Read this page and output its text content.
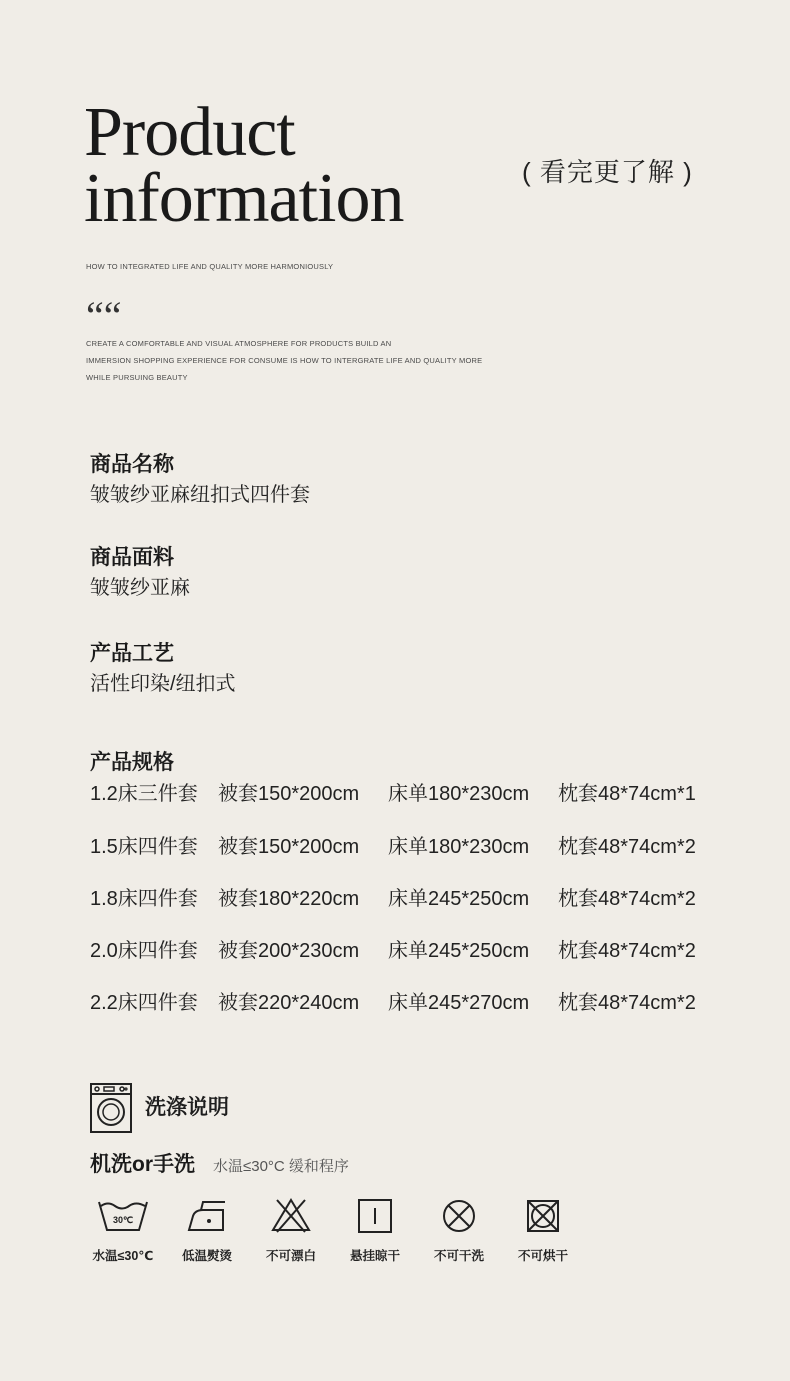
Product
information	( 看完更了解 )
HOW TO INTEGRATED LIFE AND QUALITY MORE HARMONIOUSLY
““
CREATE A COMFORTABLE AND VISUAL ATMOSPHERE FOR PRODUCTS BUILD AN
IMMERSION SHOPPING EXPERIENCE FOR CONSUME IS HOW TO INTERGRATE LIFE AND QUALITY MORE
WHILE PURSUING BEAUTY
商品名称
皱皱纱亚麻纽扣式四件套
商品面料
皱皱纱亚麻
产品工艺
活性印染/纽扣式
产品规格
1.2床三件套 被套150*200cm 床单180*230cm 枕套48*74cm*1
1.5床四件套 被套150*200cm 床单180*230cm 枕套48*74cm*2
1.8床四件套 被套180*220cm 床单245*250cm 枕套48*74cm*2
2.0床四件套 被套200*230cm 床单245*250cm 枕套48*74cm*2
2.2床四件套 被套220*240cm 床单245*270cm 枕套48*74cm*2
洗涤说明
机洗or手洗 水温≤30°C 缓和程序
30℃
水温≤30℃	低温熨烫	不可漂白	悬挂晾干	不可干洗	不可烘干
